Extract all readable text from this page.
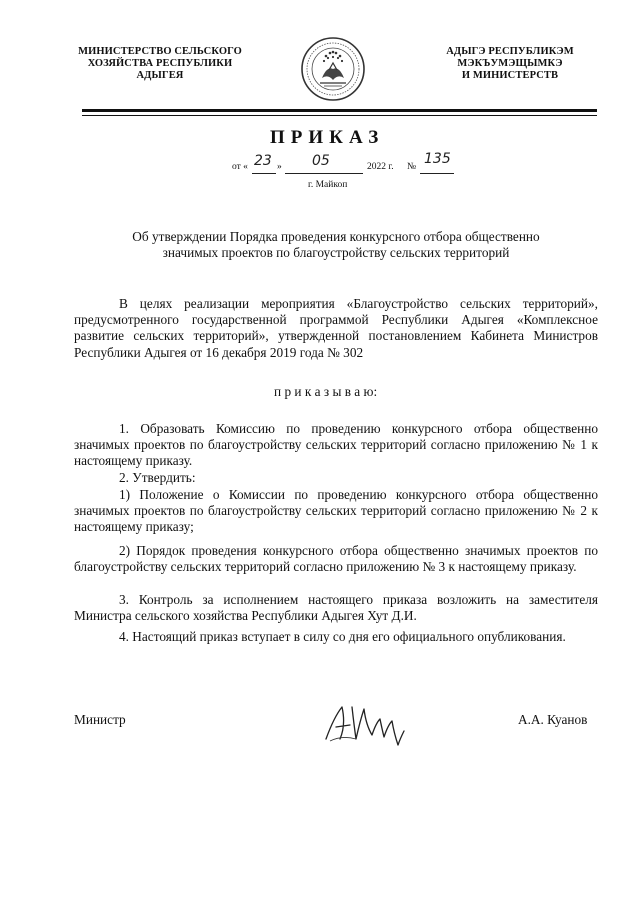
МИНИСТЕРСТВО СЕЛЬСКОГО
ХОЗЯЙСТВА РЕСПУБЛИКИ
АДЫГЕЯ
АДЫГЭ РЕСПУБЛИКЭМ
МЭКЪУМЭЩЫМКЭ
И МИНИСТЕРСТВ
ПРИКАЗ
от « 23 » 05	2022 г. № 135
г. Майкоп
Об утверждении Порядка проведения конкурсного отбора общественно
значимых проектов по благоустройству сельских территорий
В целях реализации мероприятия «Благоустройство сельских территорий», предусмотренного государственной программой Республики Адыгея «Комплексное развитие сельских территорий», утвержденной постановлением Кабинета Министров Республики Адыгея от 16 декабря 2019 года № 302
п р и к а з ы в а ю:
1. Образовать Комиссию по проведению конкурсного отбора общественно значимых проектов по благоустройству сельских территорий согласно приложению № 1 к настоящему приказу.
2. Утвердить:
1) Положение о Комиссии по проведению конкурсного отбора общественно значимых проектов по благоустройству сельских территорий согласно приложению № 2 к настоящему приказу;
2) Порядок проведения конкурсного отбора общественно значимых проектов по благоустройству сельских территорий согласно приложению № 3 к настоящему приказу.
3. Контроль за исполнением настоящего приказа возложить на заместителя Министра сельского хозяйства Республики Адыгея Хут Д.И.
4. Настоящий приказ вступает в силу со дня его официального опубликования.
Министр	А.А. Куанов
